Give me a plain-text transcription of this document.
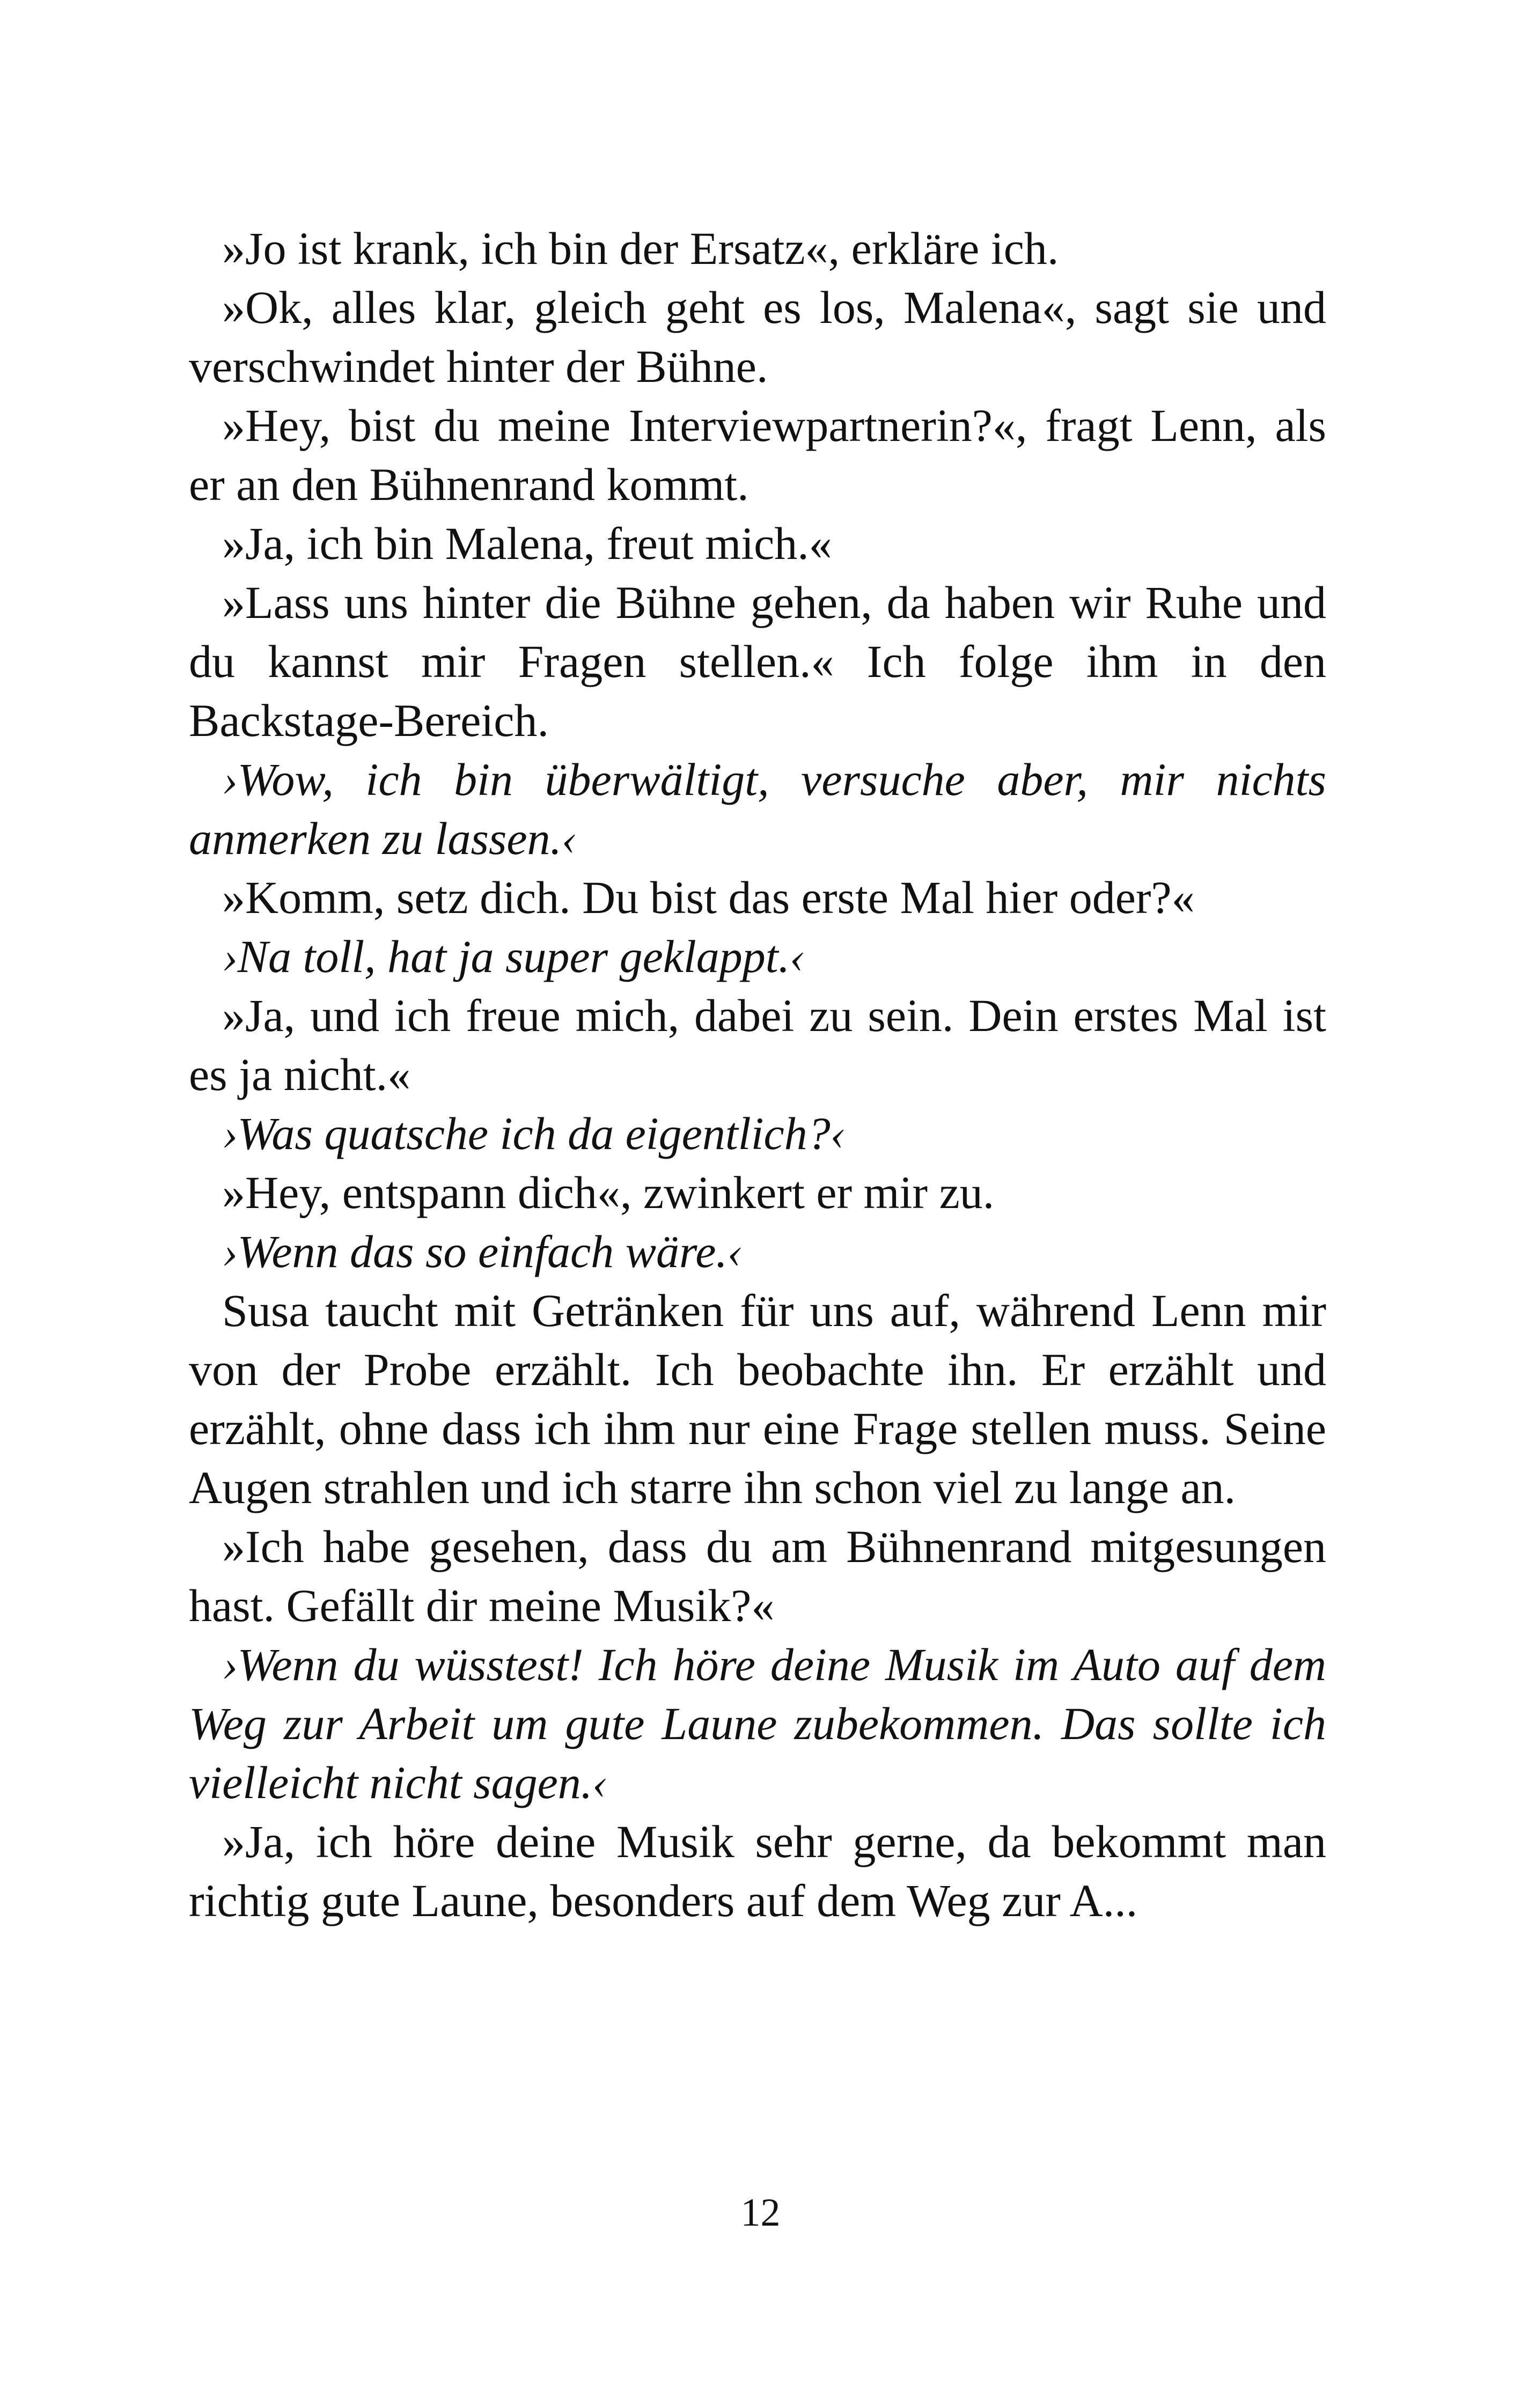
»Jo ist krank, ich bin der Ersatz«, erkläre ich.

»Ok, alles klar, gleich geht es los, Malena«, sagt sie und verschwindet hinter der Bühne.

»Hey, bist du meine Interviewpartnerin?«, fragt Lenn, als er an den Bühnenrand kommt.

»Ja, ich bin Malena, freut mich.«

»Lass uns hinter die Bühne gehen, da haben wir Ruhe und du kannst mir Fragen stellen.« Ich folge ihm in den Backstage-Bereich.

›Wow, ich bin überwältigt, versuche aber, mir nichts anmerken zu lassen.‹

»Komm, setz dich. Du bist das erste Mal hier oder?«

›Na toll, hat ja super geklappt.‹

»Ja, und ich freue mich, dabei zu sein. Dein erstes Mal ist es ja nicht.«

›Was quatsche ich da eigentlich?‹

»Hey, entspann dich«, zwinkert er mir zu.

›Wenn das so einfach wäre.‹

Susa taucht mit Getränken für uns auf, während Lenn mir von der Probe erzählt. Ich beobachte ihn. Er erzählt und erzählt, ohne dass ich ihm nur eine Frage stellen muss. Seine Augen strahlen und ich starre ihn schon viel zu lange an.

»Ich habe gesehen, dass du am Bühnenrand mitgesungen hast. Gefällt dir meine Musik?«

›Wenn du wüsstest! Ich höre deine Musik im Auto auf dem Weg zur Arbeit um gute Laune zubekommen. Das sollte ich vielleicht nicht sagen.‹

»Ja, ich höre deine Musik sehr gerne, da bekommt man richtig gute Laune, besonders auf dem Weg zur A...

12
